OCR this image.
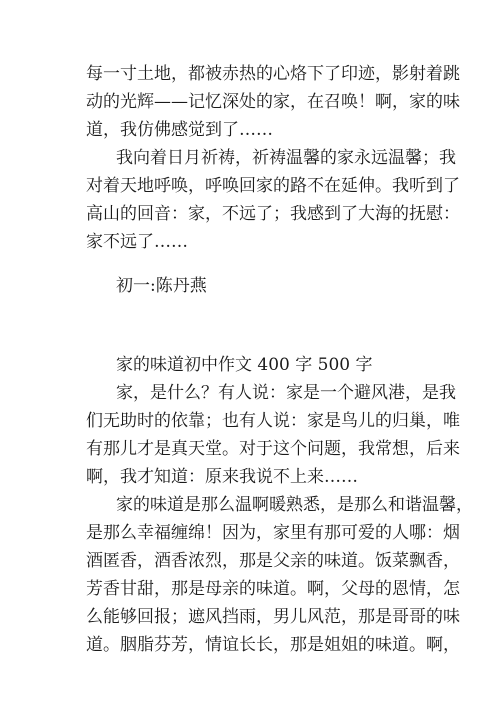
每一寸土地，都被赤热的心烙下了印迹，影射着跳
动的光辉——记忆深处的家，在召唤！啊，家的味
道，我仿佛感觉到了……
我向着日月祈祷，祈祷温馨的家永远温馨；我
对着天地呼唤，呼唤回家的路不在延伸。我听到了
高山的回音：家，不远了；我感到了大海的抚慰：
家不远了……
初一:陈丹燕
家的味道初中作文 400 字 500 字
家，是什么？有人说：家是一个避风港，是我
们无助时的依靠；也有人说：家是鸟儿的归巢，唯
有那儿才是真天堂。对于这个问题，我常想，后来
啊，我才知道：原来我说不上来……
家的味道是那么温啊暖熟悉，是那么和谐温馨，
是那么幸福缠绵！因为，家里有那可爱的人哪：烟
酒匿香，酒香浓烈，那是父亲的味道。饭菜飘香，
芳香甘甜，那是母亲的味道。啊，父母的恩情，怎
么能够回报；遮风挡雨，男儿风范，那是哥哥的味
道。胭脂芬芳，情谊长长，那是姐姐的味道。啊，
